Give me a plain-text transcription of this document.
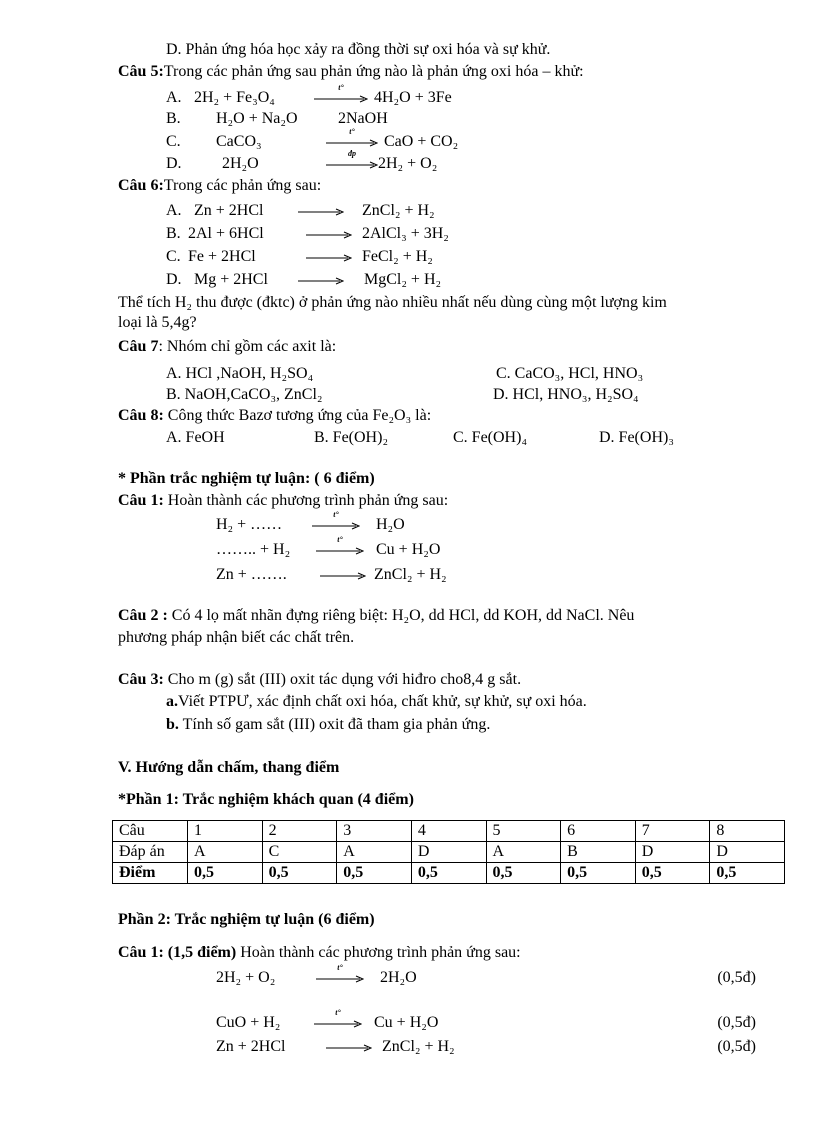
D. Phản ứng hóa học xảy ra đồng thời sự oxi hóa và sự khử.
Câu 5:Trong các phản ứng sau phản ứng nào là phản ứng oxi hóa – khử:
A. 2H₂ + Fe₃O₄
t°
4H₂O + 3Fe
B. H₂O + Na₂O	2NaOH
C. CaCO₃
t°
CaO + CO₂
D.	2H₂O
đp
2H₂ + O₂
Câu 6:Trong các phản ứng sau:
A. Zn + 2HCl → ZnCl₂ + H₂
B. 2Al + 6HCl	→ 2AlCl₃ + 3H₂
C. Fe + 2HCl	→ FeCl₂ + H₂
D. Mg + 2HCl → MgCl₂ + H₂
Thể tích H₂ thu được (đktc) ở phản ứng nào nhiều nhất nếu dùng cùng một lượng kim
loại là 5,4g?
Câu 7: Nhóm chỉ gồm các axit là:
A. HCl ,NaOH, H₂SO₄	C. CaCO₃, HCl, HNO₃
B. NaOH,CaCO₃, ZnCl₂	D. HCl, HNO₃, H₂SO₄
Câu 8: Công thức Bazơ tương ứng của Fe₂O₃ là:
A. FeOH	B. Fe(OH)₂	C. Fe(OH)₄	D. Fe(OH)₃
* Phần trắc nghiệm tự luận: ( 6 điểm)
Câu 1: Hoàn thành các phương trình phản ứng sau:
H₂ + ……
t°
H₂O
…….. + H₂
t°
Cu + H₂O
Zn + ……. → ZnCl₂ + H₂
Câu 2 : Có 4 lọ mất nhãn đựng riêng biệt: H₂O, dd HCl, dd KOH, dd NaCl. Nêu
phương pháp nhận biết các chất trên.
Câu 3: Cho m (g) sắt (III) oxit tác dụng với hiđro cho8,4 g sắt.
a.Viết PTPƯ, xác định chất oxi hóa, chất khử, sự khử, sự oxi hóa.
b. Tính số gam sắt (III) oxit đã tham gia phản ứng.
V. Hướng dẫn chấm, thang điểm
*Phần 1: Trắc nghiệm khách quan (4 điểm)
Câu	1	2	3	4	5	6	7	8
Đáp án	A	C	A	D	A	B	D	D
Điểm	0,5	0,5	0,5	0,5	0,5	0,5	0,5	0,5
Phần 2: Trắc nghiệm tự luận (6 điểm)
Câu 1: (1,5 điểm) Hoàn thành các phương trình phản ứng sau:
2H₂ + O₂
t°
2H₂O	(0,5đ)
CuO + H₂
t°
Cu + H₂O	(0,5đ)
Zn + 2HCl	→ ZnCl₂ + H₂	(0,5đ)
